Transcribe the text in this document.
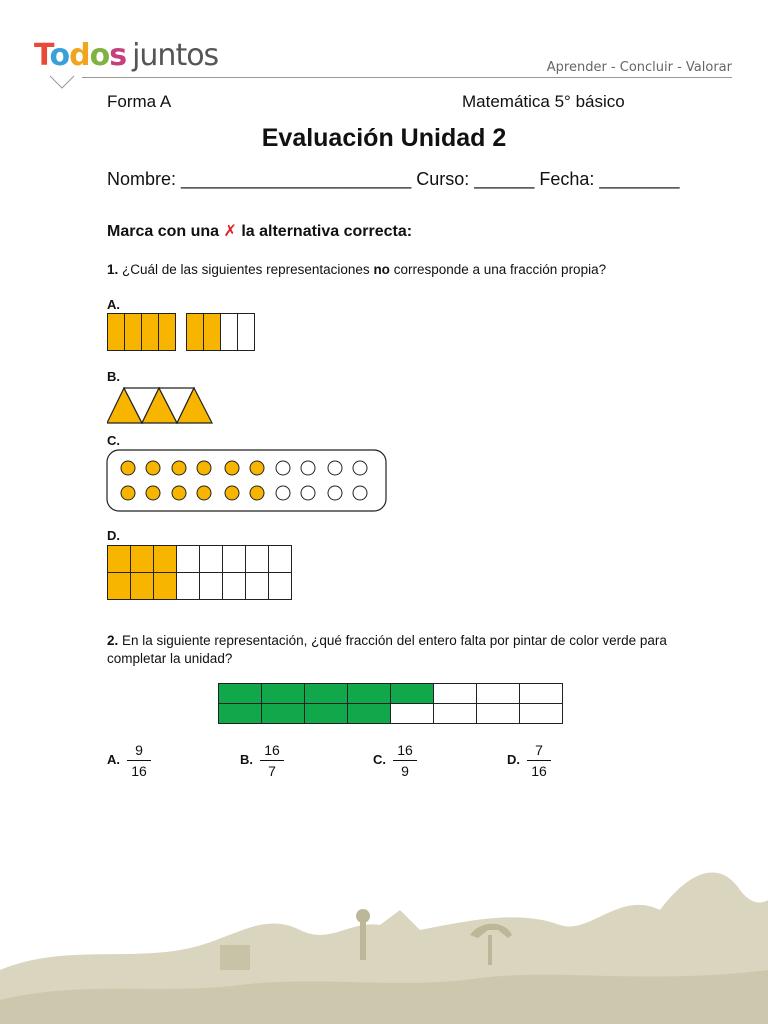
Todos juntos	Aprender - Concluir - Valorar
Forma A	Matemática 5° básico
Evaluación Unidad 2
Nombre: _______________________ Curso: ______ Fecha: ________
Marca con una ✗ la alternativa correcta:
1. ¿Cuál de las siguientes representaciones no corresponde a una fracción propia?
A.
B.
C.
D.
2. En la siguiente representación, ¿qué fracción del entero falta por pintar de color verde para completar la unidad?
A.
9
16
B.
16
7
C.
16
9
D.
7
16
